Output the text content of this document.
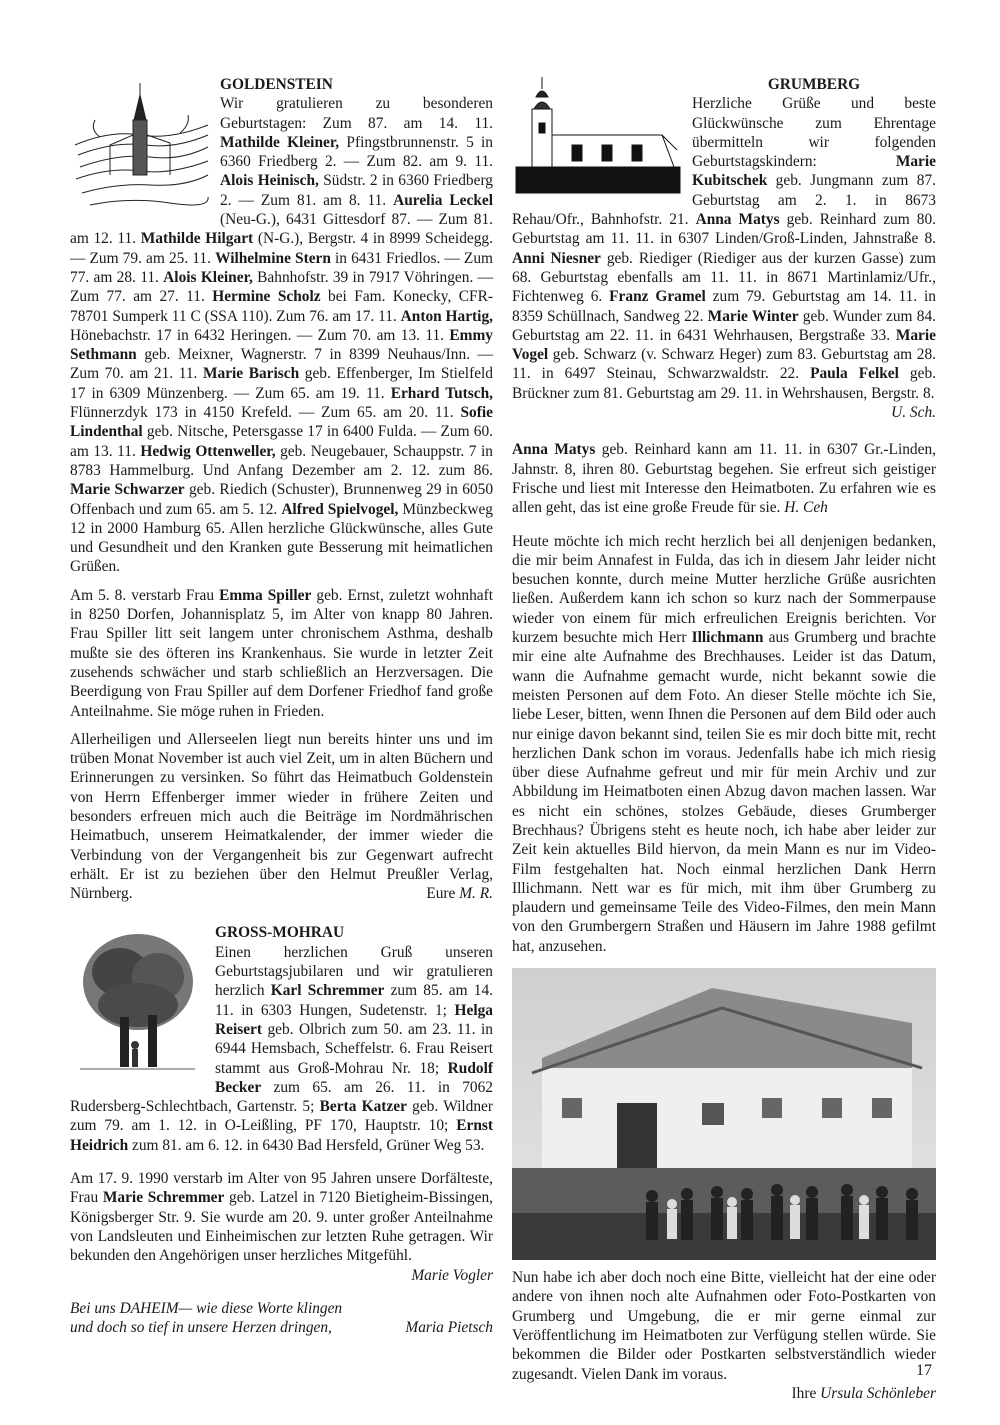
GOLDENSTEIN
Wir gratulieren zu besonderen Geburtstagen: Zum 87. am 14. 11. Mathilde Kleiner, Pfingstbrunnenstr. 5 in 6360 Friedberg 2. — Zum 82. am 9. 11. Alois Heinisch, Südstr. 2 in 6360 Friedberg 2. — Zum 81. am 8. 11. Aurelia Leckel (Neu-G.), 6431 Gittesdorf 87. — Zum 81. am 12. 11. Mathilde Hilgart (N-G.), Bergstr. 4 in 8999 Scheidegg. — Zum 79. am 25. 11. Wilhelmine Stern in 6431 Friedlos. — Zum 77. am 28. 11. Alois Kleiner, Bahnhofstr. 39 in 7917 Vöhringen. — Zum 77. am 27. 11. Hermine Scholz bei Fam. Konecky, CFR-78701 Sumperk 11 C (SSA 110). Zum 76. am 17. 11. Anton Hartig, Hönebachstr. 17 in 6432 Heringen. — Zum 70. am 13. 11. Emmy Sethmann geb. Meixner, Wagnerstr. 7 in 8399 Neuhaus/Inn. — Zum 70. am 21. 11. Marie Barisch geb. Effenberger, Im Stielfeld 17 in 6309 Münzenberg. — Zum 65. am 19. 11. Erhard Tutsch, Flünnerzdyk 173 in 4150 Krefeld. — Zum 65. am 20. 11. Sofie Lindenthal geb. Nitsche, Petersgasse 17 in 6400 Fulda. — Zum 60. am 13. 11. Hedwig Ottenweller, geb. Neugebauer, Schauppstr. 7 in 8783 Hammelburg. Und Anfang Dezember am 2. 12. zum 86. Marie Schwarzer geb. Riedich (Schuster), Brunnenweg 29 in 6050 Offenbach und zum 65. am 5. 12. Alfred Spielvogel, Münzbeckweg 12 in 2000 Hamburg 65. Allen herzliche Glückwünsche, alles Gute und Gesundheit und den Kranken gute Besserung mit heimatlichen Grüßen.

Am 5. 8. verstarb Frau Emma Spiller geb. Ernst, zuletzt wohnhaft in 8250 Dorfen, Johannisplatz 5, im Alter von knapp 80 Jahren. Frau Spiller litt seit langem unter chronischem Asthma, deshalb mußte sie des öfteren ins Krankenhaus. Sie wurde in letzter Zeit zusehends schwächer und starb schließlich an Herzversagen. Die Beerdigung von Frau Spiller auf dem Dorfener Friedhof fand große Anteilnahme. Sie möge ruhen in Frieden.

Allerheiligen und Allerseelen liegt nun bereits hinter uns und im trüben Monat November ist auch viel Zeit, um in alten Büchern und Erinnerungen zu versinken. So führt das Heimatbuch Goldenstein von Herrn Effenberger immer wieder in frühere Zeiten und besonders erfreuen mich auch die Beiträge im Nordmährischen Heimatbuch, unserem Heimatkalender, der immer wieder die Verbindung von der Vergangenheit bis zur Gegenwart aufrecht erhält. Er ist zu beziehen über den Helmut Preußler Verlag, Nürnberg.	Eure M. R.

GROSS-MOHRAU
Einen herzlichen Gruß unseren Geburtstagsjubilaren und wir gratulieren herzlich Karl Schremmer zum 85. am 14. 11. in 6303 Hungen, Sudetenstr. 1; Helga Reisert geb. Olbrich zum 50. am 23. 11. in 6944 Hemsbach, Scheffelstr. 6. Frau Reisert stammt aus Groß-Mohrau Nr. 18; Rudolf Becker zum 65. am 26. 11. in 7062 Rudersberg-Schlechtbach, Gartenstr. 5; Berta Katzer geb. Wildner zum 79. am 1. 12. in O-Leißling, PF 170, Hauptstr. 10; Ernst Heidrich zum 81. am 6. 12. in 6430 Bad Hersfeld, Grüner Weg 53.

Am 17. 9. 1990 verstarb im Alter von 95 Jahren unsere Dorfälteste, Frau Marie Schremmer geb. Latzel in 7120 Bietigheim-Bissingen, Königsberger Str. 9. Sie wurde am 20. 9. unter großer Anteilnahme von Landsleuten und Einheimischen zur letzten Ruhe getragen. Wir bekunden den Angehörigen unser herzliches Mitgefühl.
Marie Vogler

Bei uns DAHEIM— wie diese Worte klingen
und doch so tief in unsere Herzen dringen,	Maria Pietsch
GRUMBERG
Herzliche Grüße und beste Glückwünsche zum Ehrentage übermitteln wir folgenden Geburtstagskindern: Marie Kubitschek geb. Jungmann zum 87. Geburtstag am 2. 1. in 8673 Rehau/Ofr., Bahnhofstr. 21. Anna Matys geb. Reinhard zum 80. Geburtstag am 11. 11. in 6307 Linden/Groß-Linden, Jahnstraße 8. Anni Niesner geb. Riediger (Riediger aus der kurzen Gasse) zum 68. Geburtstag ebenfalls am 11. 11. in 8671 Martinlamiz/Ufr., Fichtenweg 6. Franz Gramel zum 79. Geburtstag am 14. 11. in 8359 Schüllnach, Sandweg 22. Marie Winter geb. Wunder zum 84. Geburtstag am 22. 11. in 6431 Wehrhausen, Bergstraße 33. Marie Vogel geb. Schwarz (v. Schwarz Heger) zum 83. Geburtstag am 28. 11. in 6497 Steinau, Schwarzwaldstr. 22. Paula Felkel geb. Brückner zum 81. Geburtstag am 29. 11. in Wehrshausen, Bergstr. 8.
U. Sch.

Anna Matys geb. Reinhard kann am 11. 11. in 6307 Gr.-Linden, Jahnstr. 8, ihren 80. Geburtstag begehen. Sie erfreut sich geistiger Frische und liest mit Interesse den Heimatboten. Zu erfahren wie es allen geht, das ist eine große Freude für sie. H. Ceh

Heute möchte ich mich recht herzlich bei all denjenigen bedanken, die mir beim Annafest in Fulda, das ich in diesem Jahr leider nicht besuchen konnte, durch meine Mutter herzliche Grüße ausrichten ließen. Außerdem kann ich schon so kurz nach der Sommerpause wieder von einem für mich erfreulichen Ereignis berichten. Vor kurzem besuchte mich Herr Illichmann aus Grumberg und brachte mir eine alte Aufnahme des Brechhauses. Leider ist das Datum, wann die Aufnahme gemacht wurde, nicht bekannt sowie die meisten Personen auf dem Foto. An dieser Stelle möchte ich Sie, liebe Leser, bitten, wenn Ihnen die Personen auf dem Bild oder auch nur einige davon bekannt sind, teilen Sie es mir doch bitte mit, recht herzlichen Dank schon im voraus. Jedenfalls habe ich mich riesig über diese Aufnahme gefreut und mir für mein Archiv und zur Abbildung im Heimatboten einen Abzug davon machen lassen. War es nicht ein schönes, stolzes Gebäude, dieses Grumberger Brechhaus? Übrigens steht es heute noch, ich habe aber leider zur Zeit kein aktuelles Bild hiervon, da mein Mann es nur im Video-Film festgehalten hat. Noch einmal herzlichen Dank Herrn Illichmann. Nett war es für mich, mit ihm über Grumberg zu plaudern und gemeinsame Teile des Video-Filmes, den mein Mann von den Grumbergern Straßen und Häusern im Jahre 1988 gefilmt hat, anzusehen.

Nun habe ich aber doch noch eine Bitte, vielleicht hat der eine oder andere von ihnen noch alte Aufnahmen oder Foto-Postkarten von Grumberg und Umgebung, die er mir gerne einmal zur Veröffentlichung im Heimatboten zur Verfügung stellen würde. Sie bekommen die Bilder oder Postkarten selbstverständlich wieder zugesandt. Vielen Dank im voraus.

Ihre Ursula Schönleber

17
